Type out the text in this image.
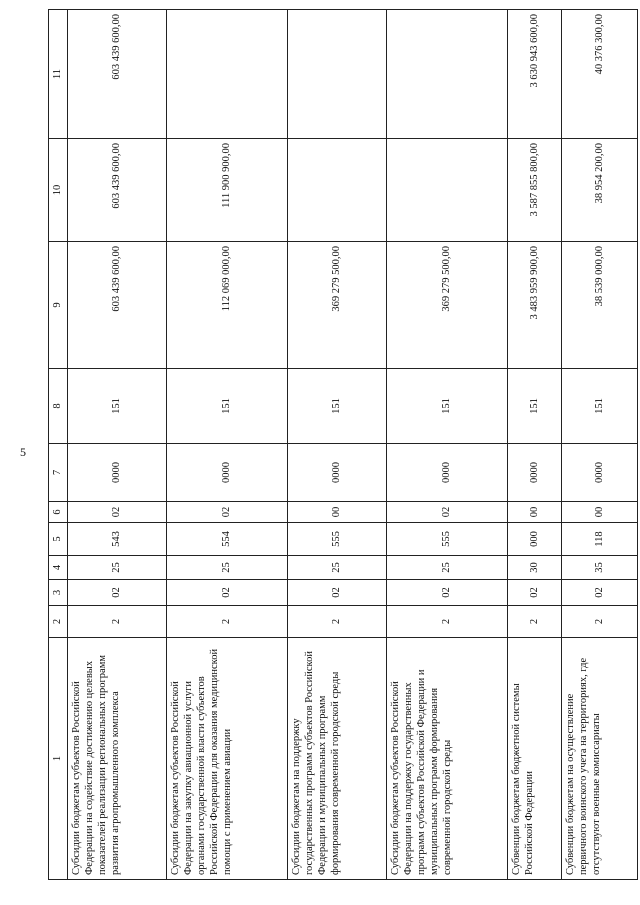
5
1	2	3	4	5	6	7	8	9	10	11
Субсидии бюджетам субъектов Российской Федерации на содействие достижению целевых показателей реализации региональных программ развития агропромышленного комплекса	2	02	25	543	02	0000	151	603 439 600,00	603 439 600,00	603 439 600,00
Субсидии бюджетам субъектов Российской Федерации на закупку авиационной услуги органами государственной власти субъектов Российской Федерации для оказания медицинской помощи с применением авиации	2	02	25	554	02	0000	151	112 069 000,00	111 900 900,00	
Субсидии бюджетам на поддержку государственных программ субъектов Российской Федерации и муниципальных программ формирования современной городской среды	2	02	25	555	00	0000	151	369 279 500,00		
Субсидии бюджетам субъектов Российской Федерации на поддержку государственных программ субъектов Российской Федерации и муниципальных программ формирования современной городской среды	2	02	25	555	02	0000	151	369 279 500,00		
Субвенции бюджетам бюджетной системы Российской Федерации	2	02	30	000	00	0000	151	3 483 959 900,00	3 587 855 800,00	3 630 943 600,00
Субвенции бюджетам на осуществление первичного воинского учета на территориях, где отсутствуют военные комиссариаты	2	02	35	118	00	0000	151	38 539 000,00	38 954 200,00	40 376 300,00
